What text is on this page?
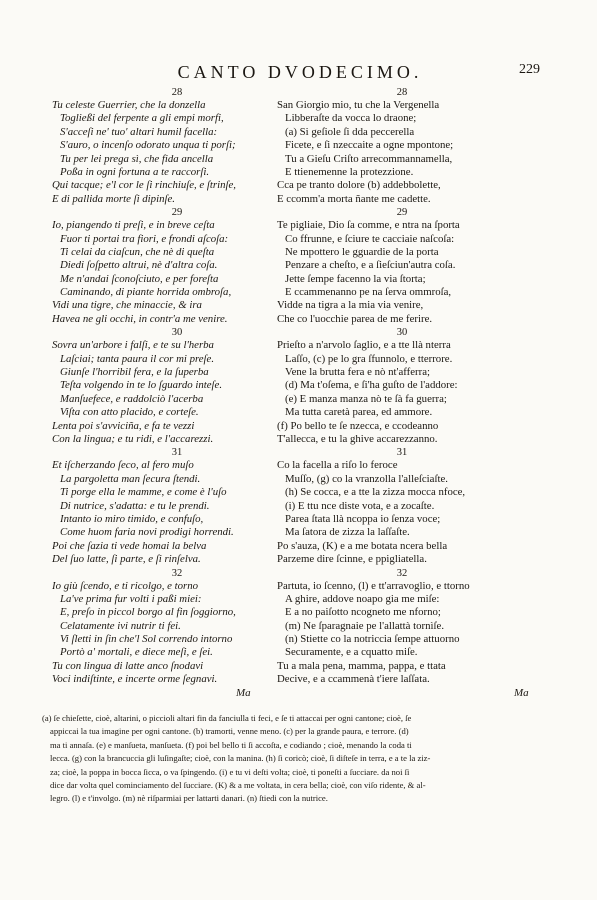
CANTO DVODECIMO.	229
28
Tu celeste Guerrier, che la donzella
Togließi del ferpente a gli empi morfi,
S'acceſi ne' tuo' altari humil facella:
S'auro, o incenſo odorato unqua ti porſi;
Tu per lei prega sì, che fida ancella
Poßa in ogni fortuna a te raccorſi.
Qui tacque; e'l cor le ſi rinchiuſe, e ſtrinſe,
E di pallida morte ſi dipinſe.
29
Io, piangendo ti preſi, e in breve ceſta
Fuor ti portai tra fiori, e frondi aſcoſa:
Ti celai da ciaſcun, che nè di queſta
Diedi ſoſpetto altrui, nè d'altra coſa.
Me n'andai ſconoſciuto, e per foreſta
Caminando, di piante horrida ombroſa,
Vidi una tigre, che minaccie, & ira
Havea ne gli occhi, in contr'a me venire.
30
Sovra un'arbore i falſi, e te su l'herba
Laſciai; tanta paura il cor mi preſe.
Giunſe l'horribil fera, e la ſuperba
Teſta volgendo in te lo ſguardo inteſe.
Manſuefece, e raddolciò l'acerba
Viſta con atto placido, e corteſe.
Lenta poi s'avviciña, e fa te vezzi
Con la lingua; e tu ridi, e l'accarezzi.
31
Et iſcherzando ſeco, al fero muſo
La pargoletta man ſecura ſtendi.
Ti porge ella le mamme, e come è l'uſo
Di nutrice, s'adatta: e tu le prendi.
Intanto io miro timido, e confuſo,
Come huom faria novi prodigi horrendi.
Poi che ſazia ti vede homai la belva
Del ſuo latte, ſi parte, e ſi rinſelva.
32
Io giù ſcendo, e ti ricolgo, e torno
La've prima fur volti i paßi miei:
E, preſo in piccol borgo al fin ſoggiorno,
Celatamente ivi nutrir ti fei.
Vi ſletti in ſin che'l Sol correndo intorno
Portò a' mortali, e diece meſi, e ſei.
Tu con lingua di latte anco ſnodavi
Voci indiſtinte, e incerte orme ſegnavi.
28
San Giorgio mio, tu che la Vergenella
Libberaſte da vocca lo draone;
(a) Si geſiole ſi dda peccerella
Ficete, e ſi nzeccaite a ogne mpontone;
Tu a Gieſu Criſto arrecommannamella,
E ttienemenne la protezzione.
Cca pe tranto dolore (b) addebbolette,
E ccomm'a morta ñante me cadette.
29
Te pigliaie, Dio ſa comme, e ntra na ſporta
Co ffrunne, e ſciure te cacciaie naſcoſa:
Ne mpottero le gguardie de la porta
Penzare a cheſto, e a ſieſciun'autra coſa.
Jette ſempe facenno la via ſtorta;
E ccammenanno pe na ſerva ommroſa,
Vidde na tigra a la mia via venire,
Che co l'uocchie parea de me ferire.
30
Prieſto a n'arvolo ſaglio, e a tte llà nterra
Laſſo, (c) pe lo gra ſfunnolo, e tterrore.
Vene la brutta fera e nò nt'afferra;
(d) Ma t'oſema, e ſi'ha guſto de l'addore:
(e) E manza manza nò te ſà fa guerra;
Ma tutta caretà parea, ed ammore.
(f) Po bello te ſe nzecca, e ccodeanno
T'allecca, e tu la ghive accarezzanno.
31
Co la facella a riſo lo feroce
Muſſo, (g) co la vranzolla l'alleſciaſte.
(h) Se cocca, e a tte la zizza mocca nfoce,
(i) E ttu nce diste vota, e a zocaſte.
Parea ſtata llà ncoppa io ſenza voce;
Ma ſatora de zizza la laſſaſte.
Po s'auza, (K) e a me botata ncera bella
Parzeme dire ſcinne, e ppigliatella.
32
Partuta, io ſcenno, (l) e tt'arravoglio, e ttorno
A ghire, addove noapo gia me miſe:
E a no paiſotto ncogneto me nforno;
(m) Ne ſparagnaie pe l'allattà tornìſe.
(n) Stiette co la notriccia ſempe attuorno
Securamente, e a cquatto miſe.
Tu a mala pena, mamma, pappa, e ttata
Decive, e a ccammenà t'iere laſſata.
Ma	Ma
(a) ſe chieſette, cioè, altarini, o piccioli altari fin da fanciulla ti feci, e ſe ti attaccai per ogni cantone; cioè, ſe
appiccai la tua imagine per ogni cantone. (b) tramorti, venne meno. (c) per la grande paura, e terrore. (d)
ma ti annaſa. (e) e manſueta, manſueta. (f) poi bel bello ti ſi accoſta, e codiando ; cioè, menando la coda ti
lecca. (g) con la brancuccia gli luſingaſte; cioè, con la manina. (h) ſi coricò; cioè, ſi diſteſe in terra, e a te la ziz-
za; cioè, la poppa in bocca ſicca, o va ſpingendo. (i) e tu vi deſti volta; cioè, ti poneſti a ſucciare. da noi ſi
dice dar volta quel cominciamento del ſucciare. (K) & a me voltata, in cera bella; cioè, con viſo ridente, & al-
legro. (l) e t'involgo. (m) nè riſparmiai per lattarti danari. (n) ſtiedi con la nutrice.
